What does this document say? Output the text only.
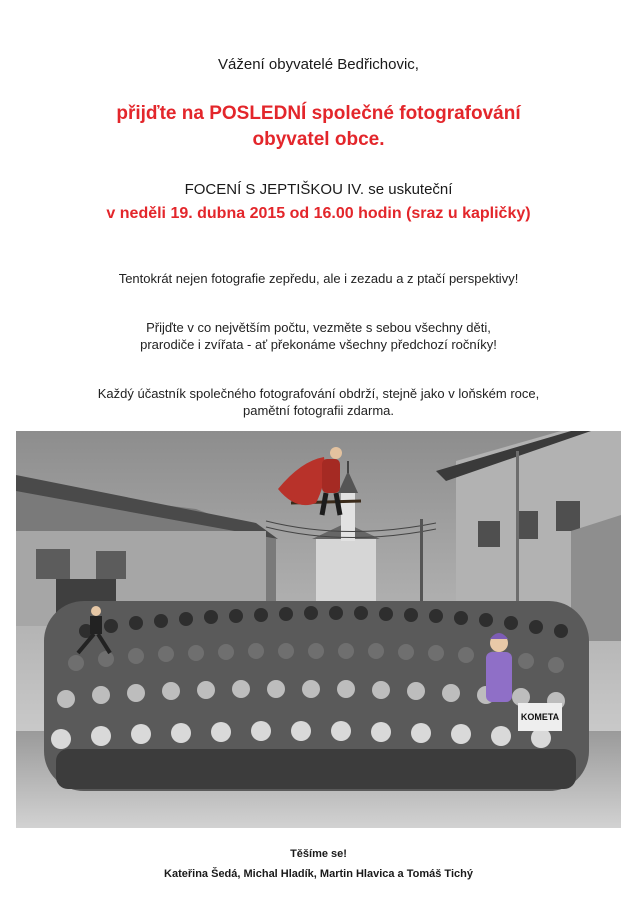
Vážení obyvatelé Bedřichovic,
přijďte na POSLEDNÍ společné fotografování
obyvatel obce.
FOCENÍ S JEPTIŠKOU IV. se uskuteční
v neděli 19. dubna 2015 od 16.00 hodin (sraz u kapličky)
Tentokrát nejen fotografie zepředu, ale i zezadu a z ptačí perspektivy!
Přijďte v co největším počtu, vezměte s sebou všechny děti,
prarodiče i zvířata - ať překonáme všechny předchozí ročníky!
Každý účastník společného fotografování obdrží, stejně jako v loňském roce,
pamětní fotografii zdarma.
KOMETA
Těšíme se!
Kateřina Šedá, Michal Hladík, Martin Hlavica a Tomáš Tichý
